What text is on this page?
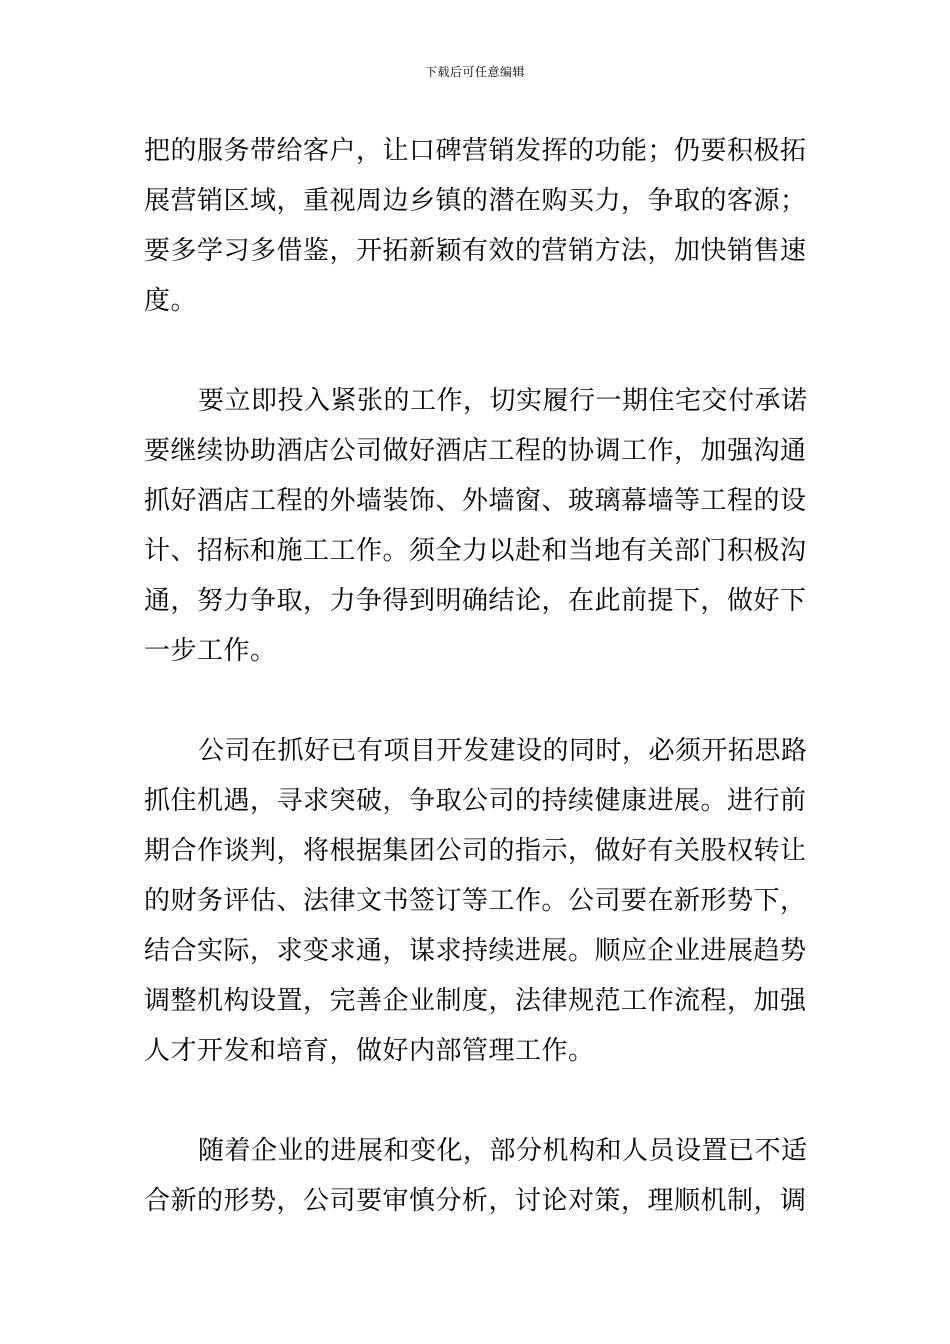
下载后可任意编辑

把的服务带给客户，让口碑营销发挥的功能；仍要积极拓
展营销区域，重视周边乡镇的潜在购买力，争取的客源；
要多学习多借鉴，开拓新颖有效的营销方法，加快销售速
度。

要立即投入紧张的工作，切实履行一期住宅交付承诺
要继续协助酒店公司做好酒店工程的协调工作，加强沟通
抓好酒店工程的外墙装饰、外墙窗、玻璃幕墙等工程的设
计、招标和施工工作。须全力以赴和当地有关部门积极沟
通，努力争取，力争得到明确结论，在此前提下，做好下
一步工作。

公司在抓好已有项目开发建设的同时，必须开拓思路
抓住机遇，寻求突破，争取公司的持续健康进展。进行前
期合作谈判，将根据集团公司的指示，做好有关股权转让
的财务评估、法律文书签订等工作。公司要在新形势下，
结合实际，求变求通，谋求持续进展。顺应企业进展趋势
调整机构设置，完善企业制度，法律规范工作流程，加强
人才开发和培育，做好内部管理工作。

随着企业的进展和变化，部分机构和人员设置已不适
合新的形势，公司要审慎分析，讨论对策，理顺机制，调
